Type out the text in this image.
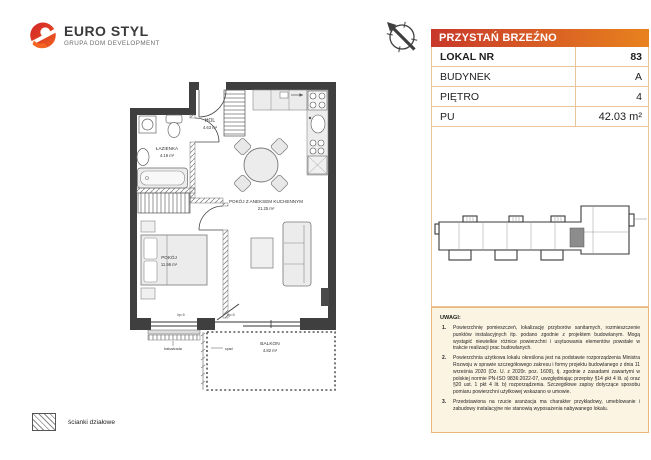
EURO STYL
GRUPA DOM DEVELOPMENT	PRZYSTAŃ BRZEŹNO
LOKAL NR	83
BUDYNEK	A
PIĘTRO	4
PU	42.03 m²
UWAGI:
1. Powierzchnię pomieszczeń, lokalizację przyborów sanitarnych, rozmieszczenie punktów instalacyjnych itp. podano zgodnie z projektem budowlanym. Mogą wystąpić niewielkie różnice powierzchni i usytuowania elementów powstałe w trakcie realizacji prac budowlanych.
2. Powierzchnia użytkowa lokalu określona jest na podstawie rozporządzenia Ministra Rozwoju w sprawie szczegółowego zakresu i formy projektu budowlanego z dnia 11 września 2020 (Dz. U. z 2020r. poz. 1609), tj. zgodnie z zasadami zawartymi w polskiej normie PN-ISO 9836:2022-07, uwzględniając przepisy §14 pkt 4 lit. a) oraz §20 ust. 1 pkt 4 lit. b) rozporządzenia. Szczegółowe zapisy dotyczące sposobu pomiaru powierzchni użytkowej wskazano w umowie.
3. Przedstawiona na rzucie aranżacja ma charakter przykładowy, umeblowanie i zabudowy instalacyjne nie stanowią wyposażenia nabywanego lokalu.
spad
HOL
4.63 m²
ŁAZIENKA
4.19 m²
POKÓJ Z ANEKSEM KUCHENNYM
21.25 m²
POKÓJ
11.96 m²
BALKON
4.82 m²
balustrada
hp=0	hp=0
ścianki działowe
